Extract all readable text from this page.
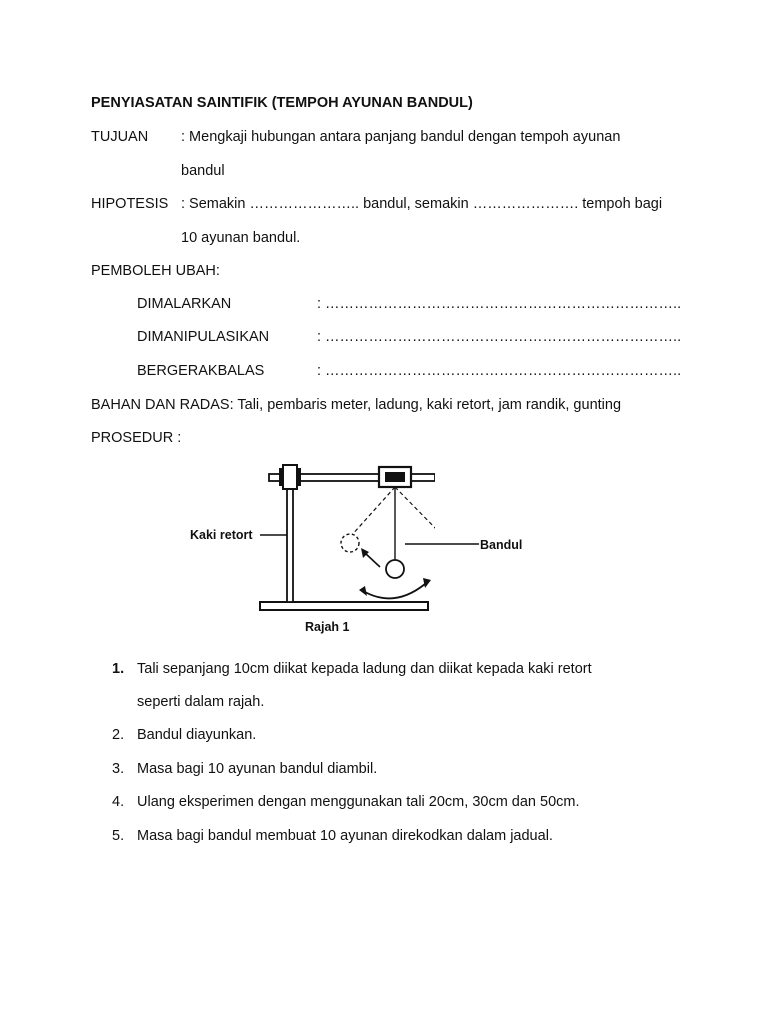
PENYIASATAN SAINTIFIK (TEMPOH AYUNAN BANDUL)
TUJUAN : Mengkaji hubungan antara panjang bandul dengan tempoh ayunan
bandul
HIPOTESIS : Semakin ………………….. bandul, semakin …………………. tempoh bagi
10 ayunan bandul.
PEMBOLEH UBAH:
DIMALARKAN	: ………………………………………………………………..
DIMANIPULASIKAN	: ………………………………………………………………..
BERGERAKBALAS	: ………………………………………………………………..
BAHAN DAN RADAS: Tali, pembaris meter, ladung, kaki retort, jam randik, gunting
PROSEDUR :
Kaki retort
Bandul
Rajah 1
1. Tali sepanjang 10cm diikat kepada ladung dan diikat kepada kaki retort
seperti dalam rajah.
2. Bandul diayunkan.
3. Masa bagi 10 ayunan bandul diambil.
4. Ulang eksperimen dengan menggunakan tali 20cm, 30cm dan 50cm.
5. Masa bagi bandul membuat 10 ayunan direkodkan dalam jadual.
